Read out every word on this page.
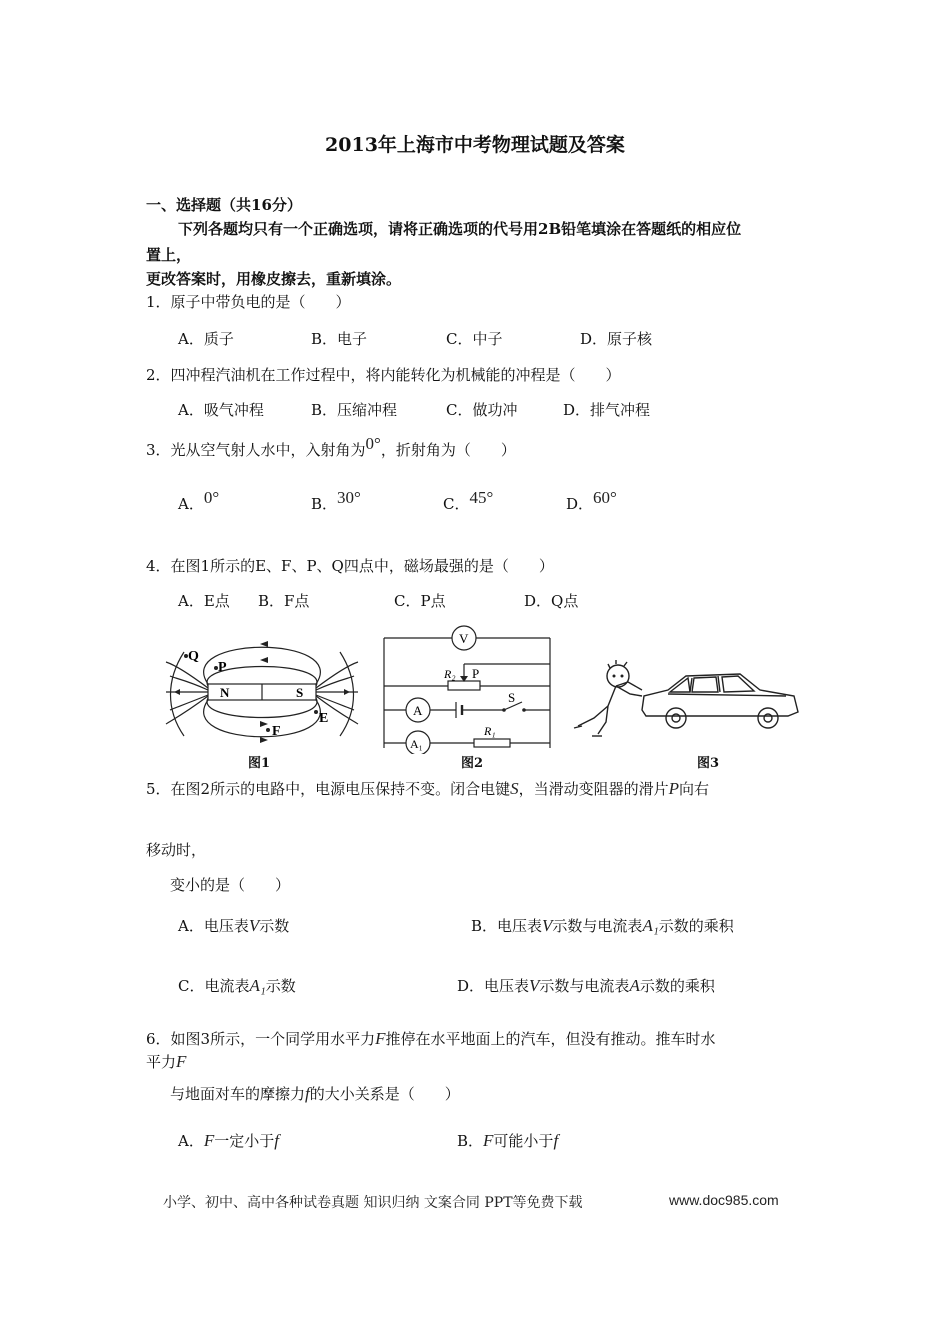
2013年上海市中考物理试题及答案
一、选择题（共16分）
下列各题均只有一个正确选项，请将正确选项的代号用2B铅笔填涂在答题纸的相应位
置上，
更改答案时，用橡皮擦去，重新填涂。
1．原子中带负电的是（　　）
A．质子	B．电子	C．中子	D．原子核
2．四冲程汽油机在工作过程中，将内能转化为机械能的冲程是（　　）
A．吸气冲程	B．压缩冲程	C．做功冲	D．排气冲程
3．光从空气射人水中，入射角为0°，折射角为（　　）
A．0°	B．30°	C．45°	D．60°
4．在图1所示的E、F、P、Q四点中，磁场最强的是（　　）
A．E点 B．F点	C．P点	D．Q点
Q
P
N	S
F
E
图1
V
R₂ P
A
S
A₁
R₁
图2	图3
5．在图2所示的电路中，电源电压保持不变。闭合电键S，当滑动变阻器的滑片P向右
移动时，
变小的是（　　）
A．电压表V示数	B．电压表V示数与电流表A₁示数的乘积
C．电流表A₁示数	D．电压表V示数与电流表A示数的乘积
6．如图3所示，一个同学用水平力F推停在水平地面上的汽车，但没有推动。推车时水
平力F
与地面对车的摩擦力f的大小关系是（　　）
A．F一定小于f	B．F可能小于f
小学、初中、高中各种试卷真题 知识归纳 文案合同 PPT等免费下载	www.doc985.com
